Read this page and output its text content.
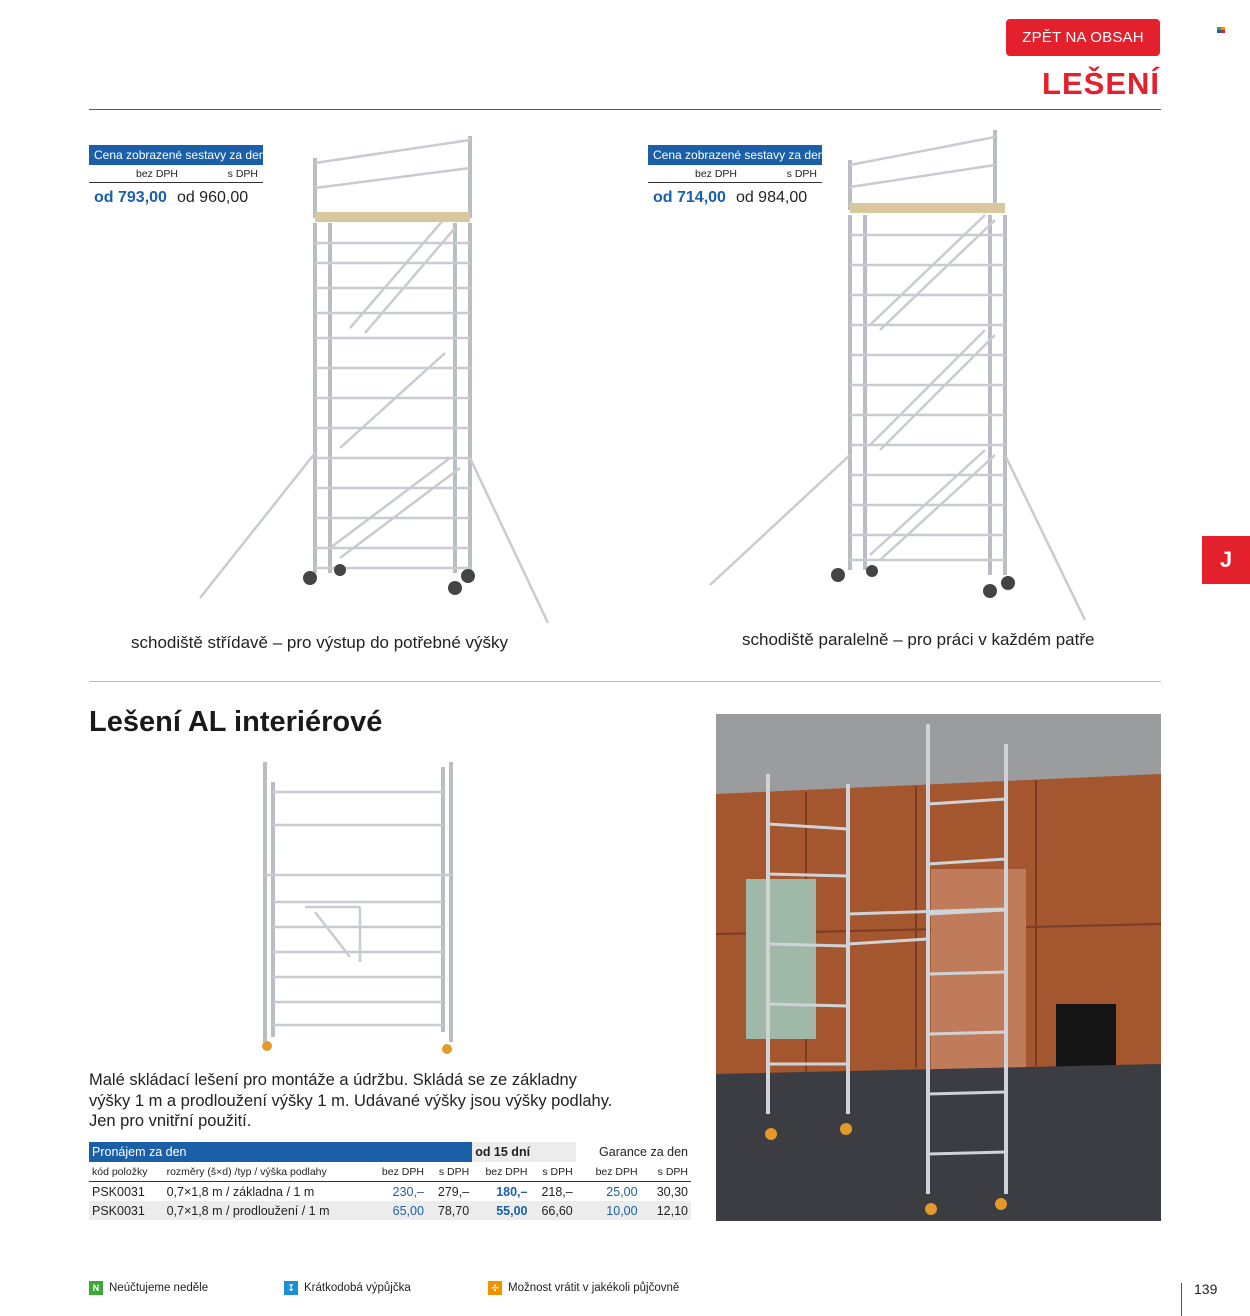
ZPĚT NA OBSAH
LEŠENÍ
J
Cena zobrazené sestavy za den
bez DPH	s DPH
od 793,00 od 960,00
Cena zobrazené sestavy za den
bez DPH	s DPH
od 714,00 od 984,00
schodiště střídavě – pro výstup do potřebné výšky	schodiště paralelně – pro práci v každém patře
Lešení AL interiérové
Malé skládací lešení pro montáže a údržbu. Skládá se ze základny
výšky 1 m a prodloužení výšky 1 m. Udávané výšky jsou výšky podlahy.
Jen pro vnitřní použití.
Pronájem za den				od 15 dní		Garance za den	
kód položky	rozměry (š×d) /typ / výška podlahy	bez DPH	s DPH	bez DPH	s DPH	bez DPH	s DPH
PSK0031	0,7×1,8 m / základna / 1 m	230,–	279,–	180,–	218,–	25,00	30,30
PSK0031	0,7×1,8 m / prodloužení / 1 m	65,00	78,70	55,00	66,60	10,00	12,10
N Neúčtujeme neděle	↧ Krátkodobá výpůjčka	✣ Možnost vrátit v jakékoli půjčovně	139
